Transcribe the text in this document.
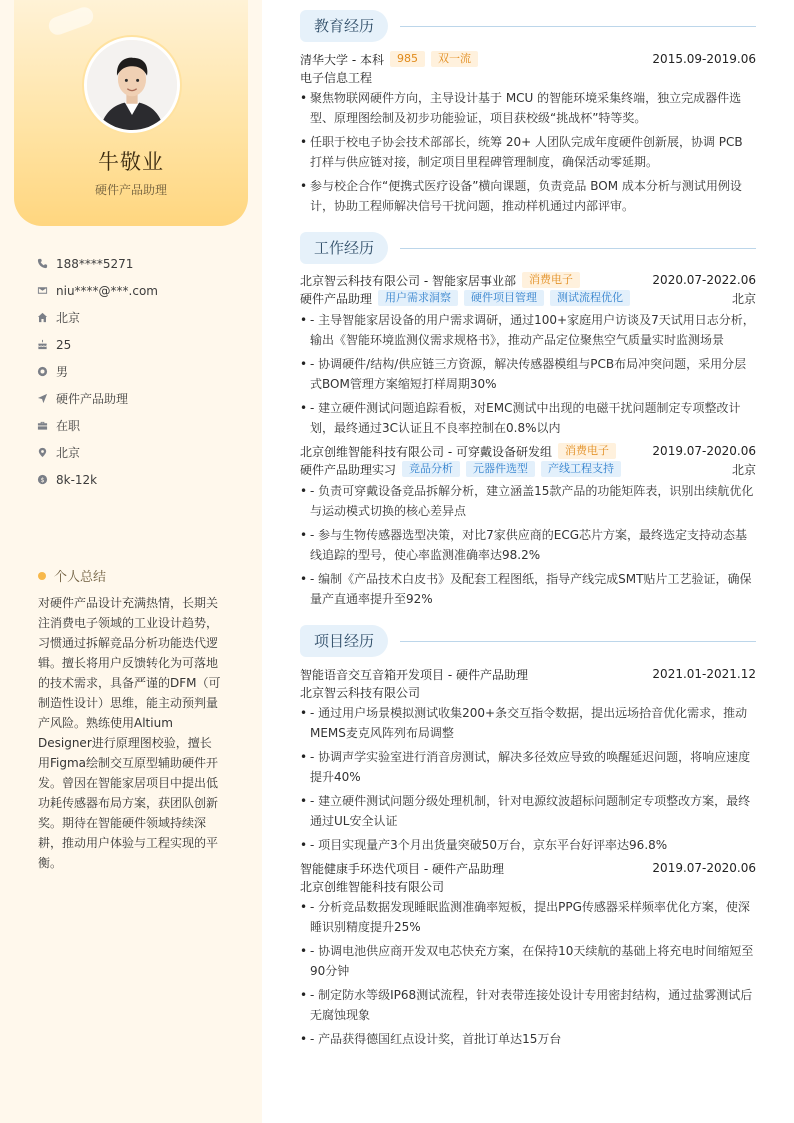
牛敬业
硬件产品助理
188****5271
niu****@***.com
北京
25
男
硬件产品助理
在职
北京
$ 8k-12k
个人总结
对硬件产品设计充满热情，长期关注消费电子领域的工业设计趋势，习惯通过拆解竞品分析功能迭代逻辑。擅长将用户反馈转化为可落地的技术需求，具备严谨的DFM（可制造性设计）思维，能主动预判量产风险。熟练使用Altium Designer进行原理图校验，擅长用Figma绘制交互原型辅助硬件开发。曾因在智能家居项目中提出低功耗传感器布局方案，获团队创新奖。期待在智能硬件领域持续深耕，推动用户体验与工程实现的平衡。
教育经历
清华大学 - 本科	985	双一流	2015.09-2019.06
电子信息工程
• 聚焦物联网硬件方向，主导设计基于 MCU 的智能环境采集终端，独立完成器件选型、原理图绘制及初步功能验证，项目获校级“挑战杯”特等奖。
• 任职于校电子协会技术部部长，统筹 20+ 人团队完成年度硬件创新展，协调 PCB 打样与供应链对接，制定项目里程碑管理制度，确保活动零延期。
• 参与校企合作“便携式医疗设备”横向课题，负责竞品 BOM 成本分析与测试用例设计，协助工程师解决信号干扰问题，推动样机通过内部评审。
工作经历
北京智云科技有限公司 - 智能家居事业部	消费电子	2020.07-2022.06
硬件产品助理	用户需求洞察	硬件项目管理	测试流程优化	北京
• - 主导智能家居设备的用户需求调研，通过100+家庭用户访谈及7天试用日志分析，输出《智能环境监测仪需求规格书》，推动产品定位聚焦空气质量实时监测场景
• - 协调硬件/结构/供应链三方资源，解决传感器模组与PCB布局冲突问题，采用分层式BOM管理方案缩短打样周期30%
• - 建立硬件测试问题追踪看板，对EMC测试中出现的电磁干扰问题制定专项整改计划，最终通过3C认证且不良率控制在0.8%以内
北京创维智能科技有限公司 - 可穿戴设备研发组	消费电子	2019.07-2020.06
硬件产品助理实习	竞品分析	元器件选型	产线工程支持	北京
• - 负责可穿戴设备竞品拆解分析，建立涵盖15款产品的功能矩阵表，识别出续航优化与运动模式切换的核心差异点
• - 参与生物传感器选型决策，对比7家供应商的ECG芯片方案，最终选定支持动态基线追踪的型号，使心率监测准确率达98.2%
• - 编制《产品技术白皮书》及配套工程图纸，指导产线完成SMT贴片工艺验证，确保量产直通率提升至92%
项目经历
智能语音交互音箱开发项目 - 硬件产品助理	2021.01-2021.12
北京智云科技有限公司
• - 通过用户场景模拟测试收集200+条交互指令数据，提出远场拾音优化需求，推动MEMS麦克风阵列布局调整
• - 协调声学实验室进行消音房测试，解决多径效应导致的唤醒延迟问题，将响应速度提升40%
• - 建立硬件测试问题分级处理机制，针对电源纹波超标问题制定专项整改方案，最终通过UL安全认证
• - 项目实现量产3个月出货量突破50万台，京东平台好评率达96.8%
智能健康手环迭代项目 - 硬件产品助理	2019.07-2020.06
北京创维智能科技有限公司
• - 分析竞品数据发现睡眠监测准确率短板，提出PPG传感器采样频率优化方案，使深睡识别精度提升25%
• - 协调电池供应商开发双电芯快充方案，在保持10天续航的基础上将充电时间缩短至90分钟
• - 制定防水等级IP68测试流程，针对表带连接处设计专用密封结构，通过盐雾测试后无腐蚀现象
• - 产品获得德国红点设计奖，首批订单达15万台
